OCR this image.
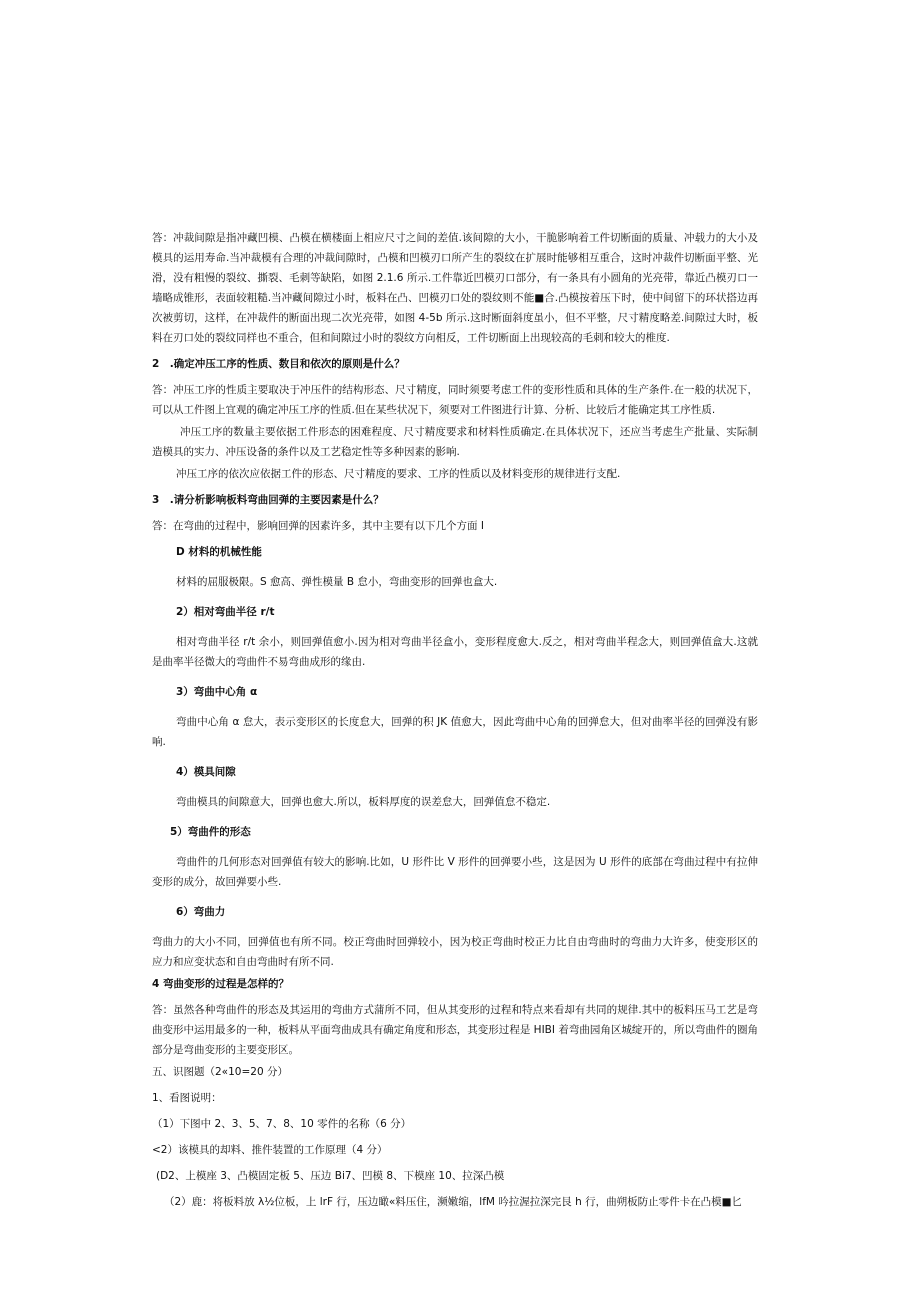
答：冲裁间隙是指冲藏凹模、凸模在横楼面上相应尺寸之间的差值.该间隙的大小，干脆影响着工件切断面的质量、冲载力的大小及模具的运用寿命.当冲裁模有合理的冲裁间隙时，凸模和凹模刃口所产生的裂纹在扩展时能够相互重合，这时冲裁件切断面平整、光滑，没有粗慢的裂纹、撕裂、毛刺等缺陷，如图 2.1.6 所示.工件靠近凹模刃口部分，有一条具有小圆角的光亮带，靠近凸模刃口一墙略成锥形，表面较粗糙.当冲藏间隙过小时，板料在凸、凹模刃口处的裂纹则不能■合.凸模按着压下时，使中间留下的环状搭边再次被剪切，这样，在冲裁件的断面出现二次光亮带，如图 4-5b 所示.这时断面斜度虽小，但不平整，尺寸精度略差.间隙过大时，板料在刃口处的裂纹同样也不重合，但和间隙过小时的裂纹方向相反，工件切断面上出现较高的毛刺和较大的椎度.

2　.确定冲压工序的性质、数目和依次的原则是什么？

答：冲压工序的性质主要取决于冲压件的结构形态、尺寸精度，同时须要考虑工件的变形性质和具体的生产条件.在一般的状况下，可以从工件图上宜观的确定冲压工序的性质.但在某些状况下，须要对工件图进行计算、分析、比较后才能确定其工序性质.

冲压工序的数量主要依据工件形态的困难程度、尺寸精度要求和材料性质确定.在具体状况下，还应当考虑生产批量、实际制造模具的实力、冲压设备的条件以及工艺稳定性等多种因素的影响.

冲压工序的依次应依据工件的形态、尺寸精度的要求、工序的性质以及材料变形的规律进行支配.

3　.请分析影响板料弯曲回弹的主要因素是什么？

答：在弯曲的过程中，影响回弹的因素许多，其中主要有以下几个方面 I

D 材料的机械性能

材料的屈服极限。S 愈高、弹性模量 B 怠小，弯曲变形的回弹也盒大.

2）相对弯曲半径 r/t

相对弯曲半径 r/t 余小，则回弹值愈小.因为相对弯曲半径盒小，变形程度愈大.反之，相对弯曲半程念大，则回弹值盒大.这就是曲率半径微大的弯曲件不易弯曲成形的缘由.

3）弯曲中心角 α

弯曲中心角 α 怠大，表示变形区的长度怠大，回弹的积 JK 值愈大，因此弯曲中心角的回弹怠大，但对曲率半径的回弹没有影响.

4）模具间隙

弯曲模具的间隙意大，回弹也愈大.所以，板料厚度的误差怠大，回弹值怠不稳定.

5）弯曲件的形态

弯曲件的几何形态对回弹值有较大的影响.比如，U 形件比 V 形件的回弹要小些，这是因为 U 形件的底部在弯曲过程中有拉伸变形的成分，故回弹要小些.

6）弯曲力

弯曲力的大小不同，回弹值也有所不同。校正弯曲时回弹较小，因为校正弯曲时校正力比自由弯曲时的弯曲力大许多，使变形区的应力和应变状态和自由弯曲时有所不同.

4 弯曲变形的过程是怎样的？

答：虽然各种弯曲件的形态及其运用的弯曲方式蒲所不同，但从其变形的过程和特点来看却有共同的规律.其中的板料压马工艺是弯曲变形中运用最多的一种，板料从平面弯曲成具有确定角度和形态，其变形过程是 HIBI 着弯曲园角区城绽开的，所以弯曲件的圈角部分是弯曲变形的主要变形区。

五、识图题（2«10=20 分）

1、看图说明：

（1）下图中 2、3、5、7、8、10 零件的名称（6 分）

<2）该模具的却料、推件装置的工作原理（4 分）

(D2、上模座 3、凸模固定板 5、压边 Bi7、凹模 8、下模座 10、拉深凸模

（2）鹿：将板料放 λ½位板，上 lrF 行，压边瞰«料压住，濒嫩缩，lfM 吟拉渥拉深完艮 h 行，曲朔板防止零件卡在凸模■匕
